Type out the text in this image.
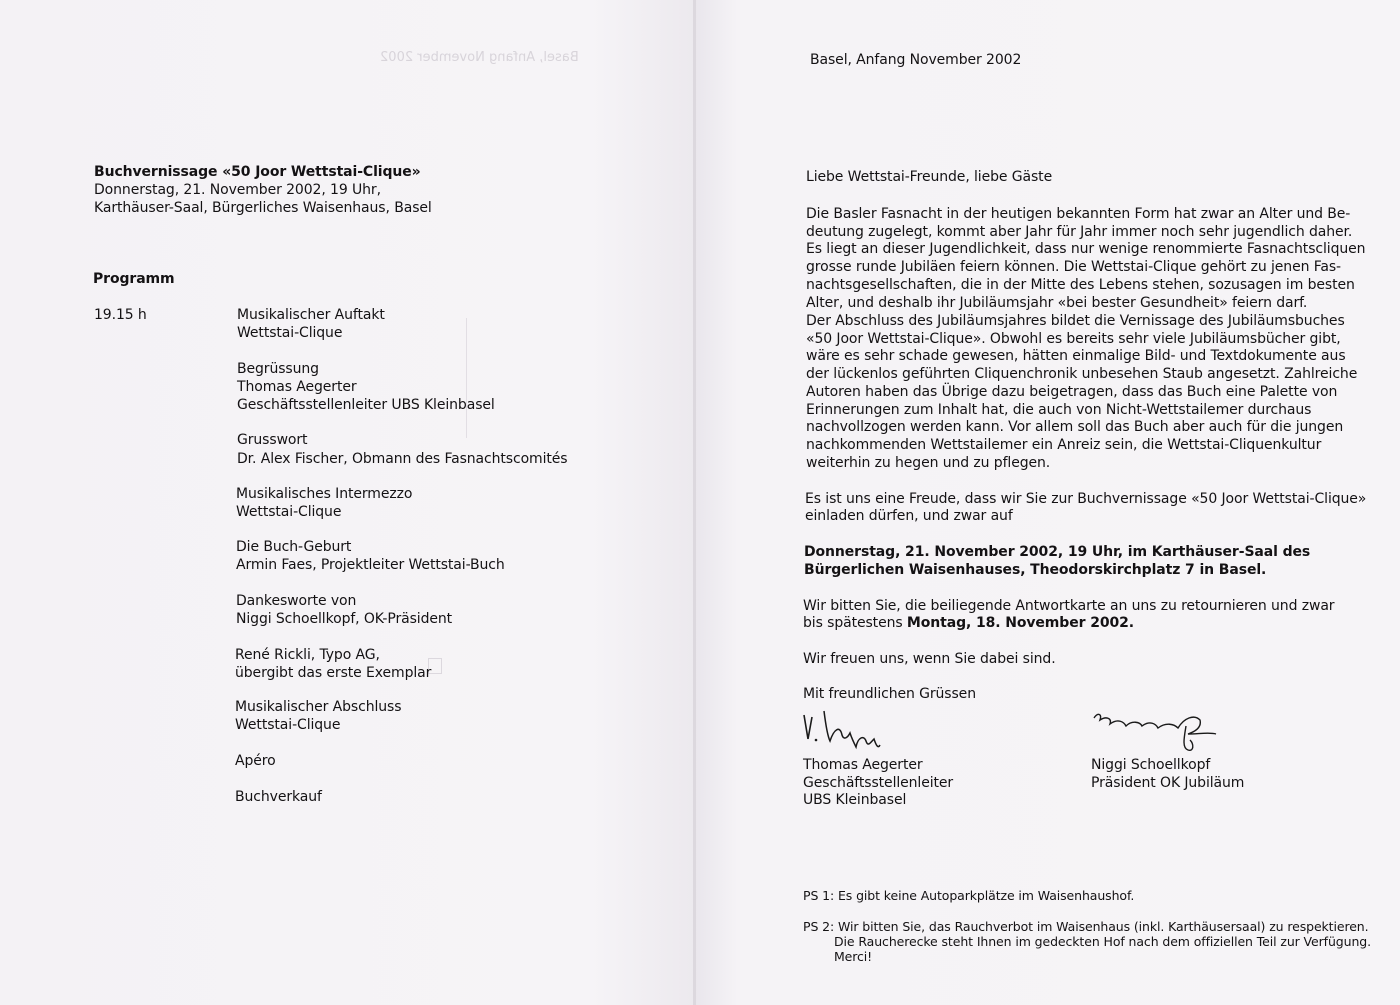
Basel, Anfang November 2002
Buchvernissage «50 Joor Wettstai-Clique»
Donnerstag, 21. November 2002, 19 Uhr,
Karthäuser-Saal, Bürgerliches Waisenhaus, Basel
Programm
19.15 h	Musikalischer Auftakt
Wettstai-Clique
Begrüssung
Thomas Aegerter
Geschäftsstellenleiter UBS Kleinbasel
Grusswort
Dr. Alex Fischer, Obmann des Fasnachtscomités
Musikalisches Intermezzo
Wettstai-Clique
Die Buch-Geburt
Armin Faes, Projektleiter Wettstai-Buch
Dankesworte von
Niggi Schoellkopf, OK-Präsident
René Rickli, Typo AG,
übergibt das erste Exemplar
Musikalischer Abschluss
Wettstai-Clique
Apéro
Buchverkauf
Basel, Anfang November 2002
Liebe Wettstai-Freunde, liebe Gäste
Die Basler Fasnacht in der heutigen bekannten Form hat zwar an Alter und Be-
deutung zugelegt, kommt aber Jahr für Jahr immer noch sehr jugendlich daher.
Es liegt an dieser Jugendlichkeit, dass nur wenige renommierte Fasnachtscliquen
grosse runde Jubiläen feiern können. Die Wettstai-Clique gehört zu jenen Fas-
nachtsgesellschaften, die in der Mitte des Lebens stehen, sozusagen im besten
Alter, und deshalb ihr Jubiläumsjahr «bei bester Gesundheit» feiern darf.
Der Abschluss des Jubiläumsjahres bildet die Vernissage des Jubiläumsbuches
«50 Joor Wettstai-Clique». Obwohl es bereits sehr viele Jubiläumsbücher gibt,
wäre es sehr schade gewesen, hätten einmalige Bild- und Textdokumente aus
der lückenlos geführten Cliquenchronik unbesehen Staub angesetzt. Zahlreiche
Autoren haben das Übrige dazu beigetragen, dass das Buch eine Palette von
Erinnerungen zum Inhalt hat, die auch von Nicht-Wettstailemer durchaus
nachvollzogen werden kann. Vor allem soll das Buch aber auch für die jungen
nachkommenden Wettstailemer ein Anreiz sein, die Wettstai-Cliquenkultur
weiterhin zu hegen und zu pflegen.
Es ist uns eine Freude, dass wir Sie zur Buchvernissage «50 Joor Wettstai-Clique»
einladen dürfen, und zwar auf
Donnerstag, 21. November 2002, 19 Uhr, im Karthäuser-Saal des
Bürgerlichen Waisenhauses, Theodorskirchplatz 7 in Basel.
Wir bitten Sie, die beiliegende Antwortkarte an uns zu retournieren und zwar
bis spätestens Montag, 18. November 2002.
Wir freuen uns, wenn Sie dabei sind.
Mit freundlichen Grüssen
Thomas Aegerter
Geschäftsstellenleiter
UBS Kleinbasel
Niggi Schoellkopf
Präsident OK Jubiläum
PS 1: Es gibt keine Autoparkplätze im Waisenhaushof.
PS 2: Wir bitten Sie, das Rauchverbot im Waisenhaus (inkl. Karthäusersaal) zu respektieren.
Die Raucherecke steht Ihnen im gedeckten Hof nach dem offiziellen Teil zur Verfügung.
Merci!
